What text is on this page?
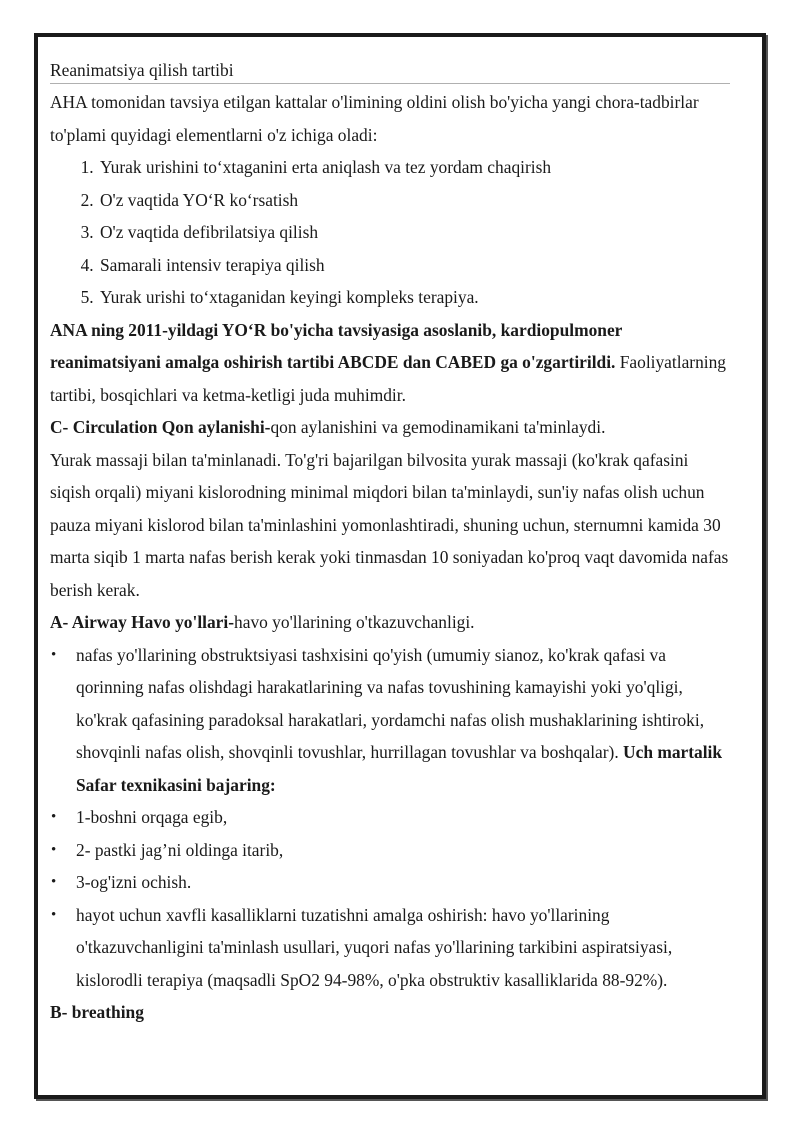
Reanimatsiya qilish tartibi

AHA tomonidan tavsiya etilgan kattalar o'limining oldini olish bo'yicha yangi chora-tadbirlar to'plami quyidagi elementlarni o'z ichiga oladi:

1. Yurak urishini to‘xtaganini erta aniqlash va tez yordam chaqirish
2. O'z vaqtida YO‘R ko‘rsatish
3. O'z vaqtida defibrilatsiya qilish
4. Samarali intensiv terapiya qilish
5. Yurak urishi to‘xtaganidan keyingi kompleks terapiya.

ANA ning 2011-yildagi YO‘R bo'yicha tavsiyasiga asoslanib, kardiopulmoner reanimatsiyani amalga oshirish tartibi ABCDE dan CABED ga o'zgartirildi. Faoliyatlarning tartibi, bosqichlari va ketma-ketligi juda muhimdir.

C- Circulation Qon aylanishi-qon aylanishini va gemodinamikani ta'minlaydi.

Yurak massaji bilan ta'minlanadi. To'g'ri bajarilgan bilvosita yurak massaji (ko'krak qafasini siqish orqali) miyani kislorodning minimal miqdori bilan ta'minlaydi, sun'iy nafas olish uchun pauza miyani kislorod bilan ta'minlashini yomonlashtiradi, shuning uchun, sternumni kamida 30 marta siqib 1 marta nafas berish kerak yoki tinmasdan 10 soniyadan ko'proq vaqt davomida nafas berish kerak.

A- Airway Havo yo'llari-havo yo'llarining o'tkazuvchanligi.

• nafas yo'llarining obstruktsiyasi tashxisini qo'yish (umumiy sianoz, ko'krak qafasi va qorinning nafas olishdagi harakatlarining va nafas tovushining kamayishi yoki yo'qligi, ko'krak qafasining paradoksal harakatlari, yordamchi nafas olish mushaklarining ishtiroki, shovqinli nafas olish, shovqinli tovushlar, hurrillagan tovushlar va boshqalar). Uch martalik Safar texnikasini bajaring:
• 1-boshni orqaga egib,
• 2- pastki jag’ni oldinga itarib,
• 3-og'izni ochish.
• hayot uchun xavfli kasalliklarni tuzatishni amalga oshirish: havo yo'llarining o'tkazuvchanligini ta'minlash usullari, yuqori nafas yo'llarining tarkibini aspiratsiyasi, kislorodli terapiya (maqsadli SpO2 94-98%, o'pka obstruktiv kasalliklarida 88-92%).

B- breathing
